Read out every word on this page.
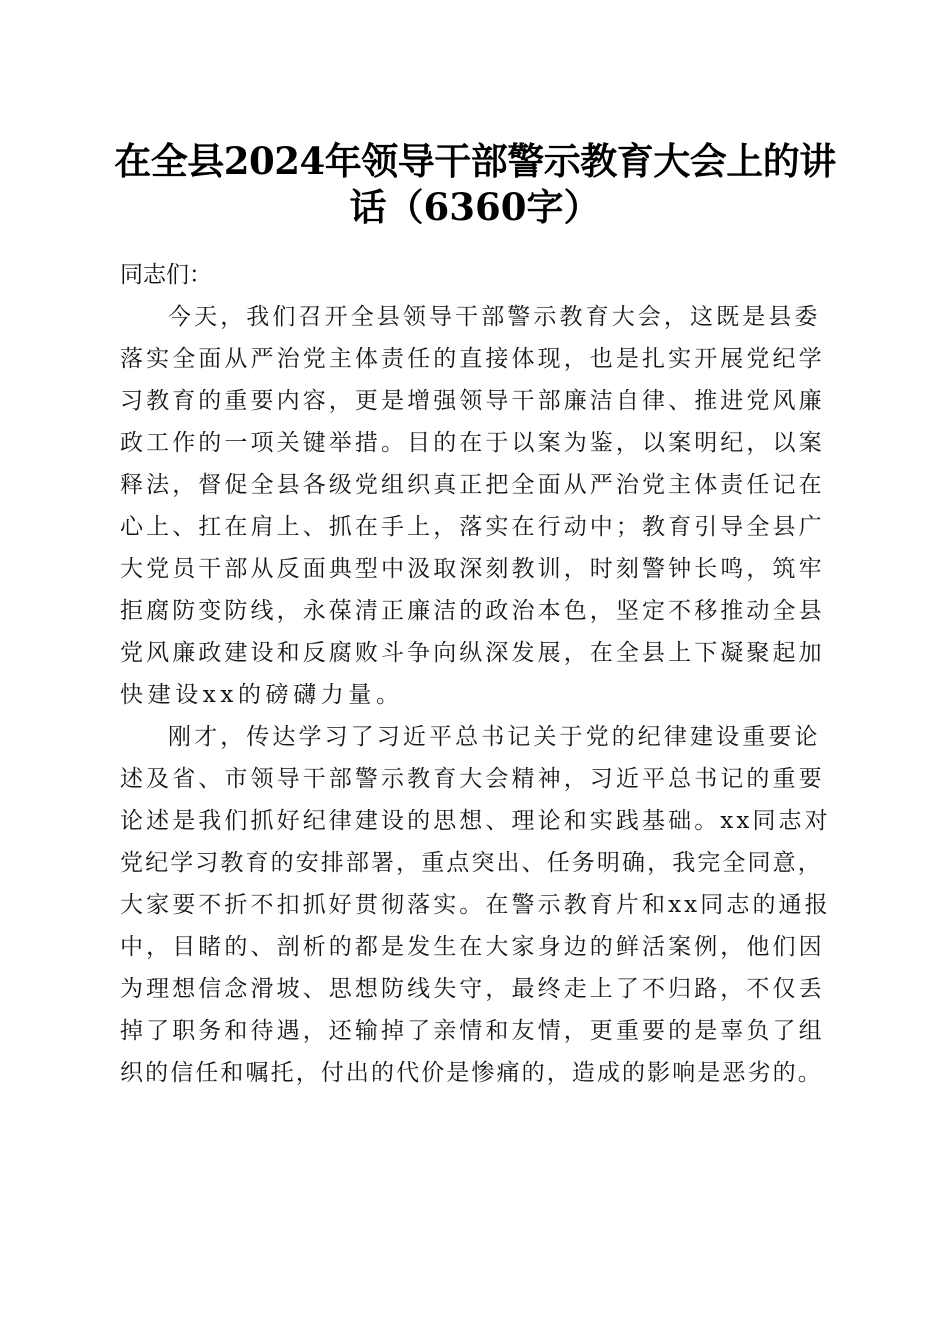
在全县2024年领导干部警示教育大会上的讲
话（6360字）
同志们：
今天，我们召开全县领导干部警示教育大会，这既是县委
落实全面从严治党主体责任的直接体现，也是扎实开展党纪学
习教育的重要内容，更是增强领导干部廉洁自律、推进党风廉
政工作的一项关键举措。目的在于以案为鉴，以案明纪，以案
释法，督促全县各级党组织真正把全面从严治党主体责任记在
心上、扛在肩上、抓在手上，落实在行动中；教育引导全县广
大党员干部从反面典型中汲取深刻教训，时刻警钟长鸣，筑牢
拒腐防变防线，永葆清正廉洁的政治本色，坚定不移推动全县
党风廉政建设和反腐败斗争向纵深发展，在全县上下凝聚起加
快建设xx的磅礴力量。
刚才，传达学习了习近平总书记关于党的纪律建设重要论
述及省、市领导干部警示教育大会精神，习近平总书记的重要
论述是我们抓好纪律建设的思想、理论和实践基础。xx同志对
党纪学习教育的安排部署，重点突出、任务明确，我完全同意，
大家要不折不扣抓好贯彻落实。在警示教育片和xx同志的通报
中，目睹的、剖析的都是发生在大家身边的鲜活案例，他们因
为理想信念滑坡、思想防线失守，最终走上了不归路，不仅丢
掉了职务和待遇，还输掉了亲情和友情，更重要的是辜负了组
织的信任和嘱托，付出的代价是惨痛的，造成的影响是恶劣的。
